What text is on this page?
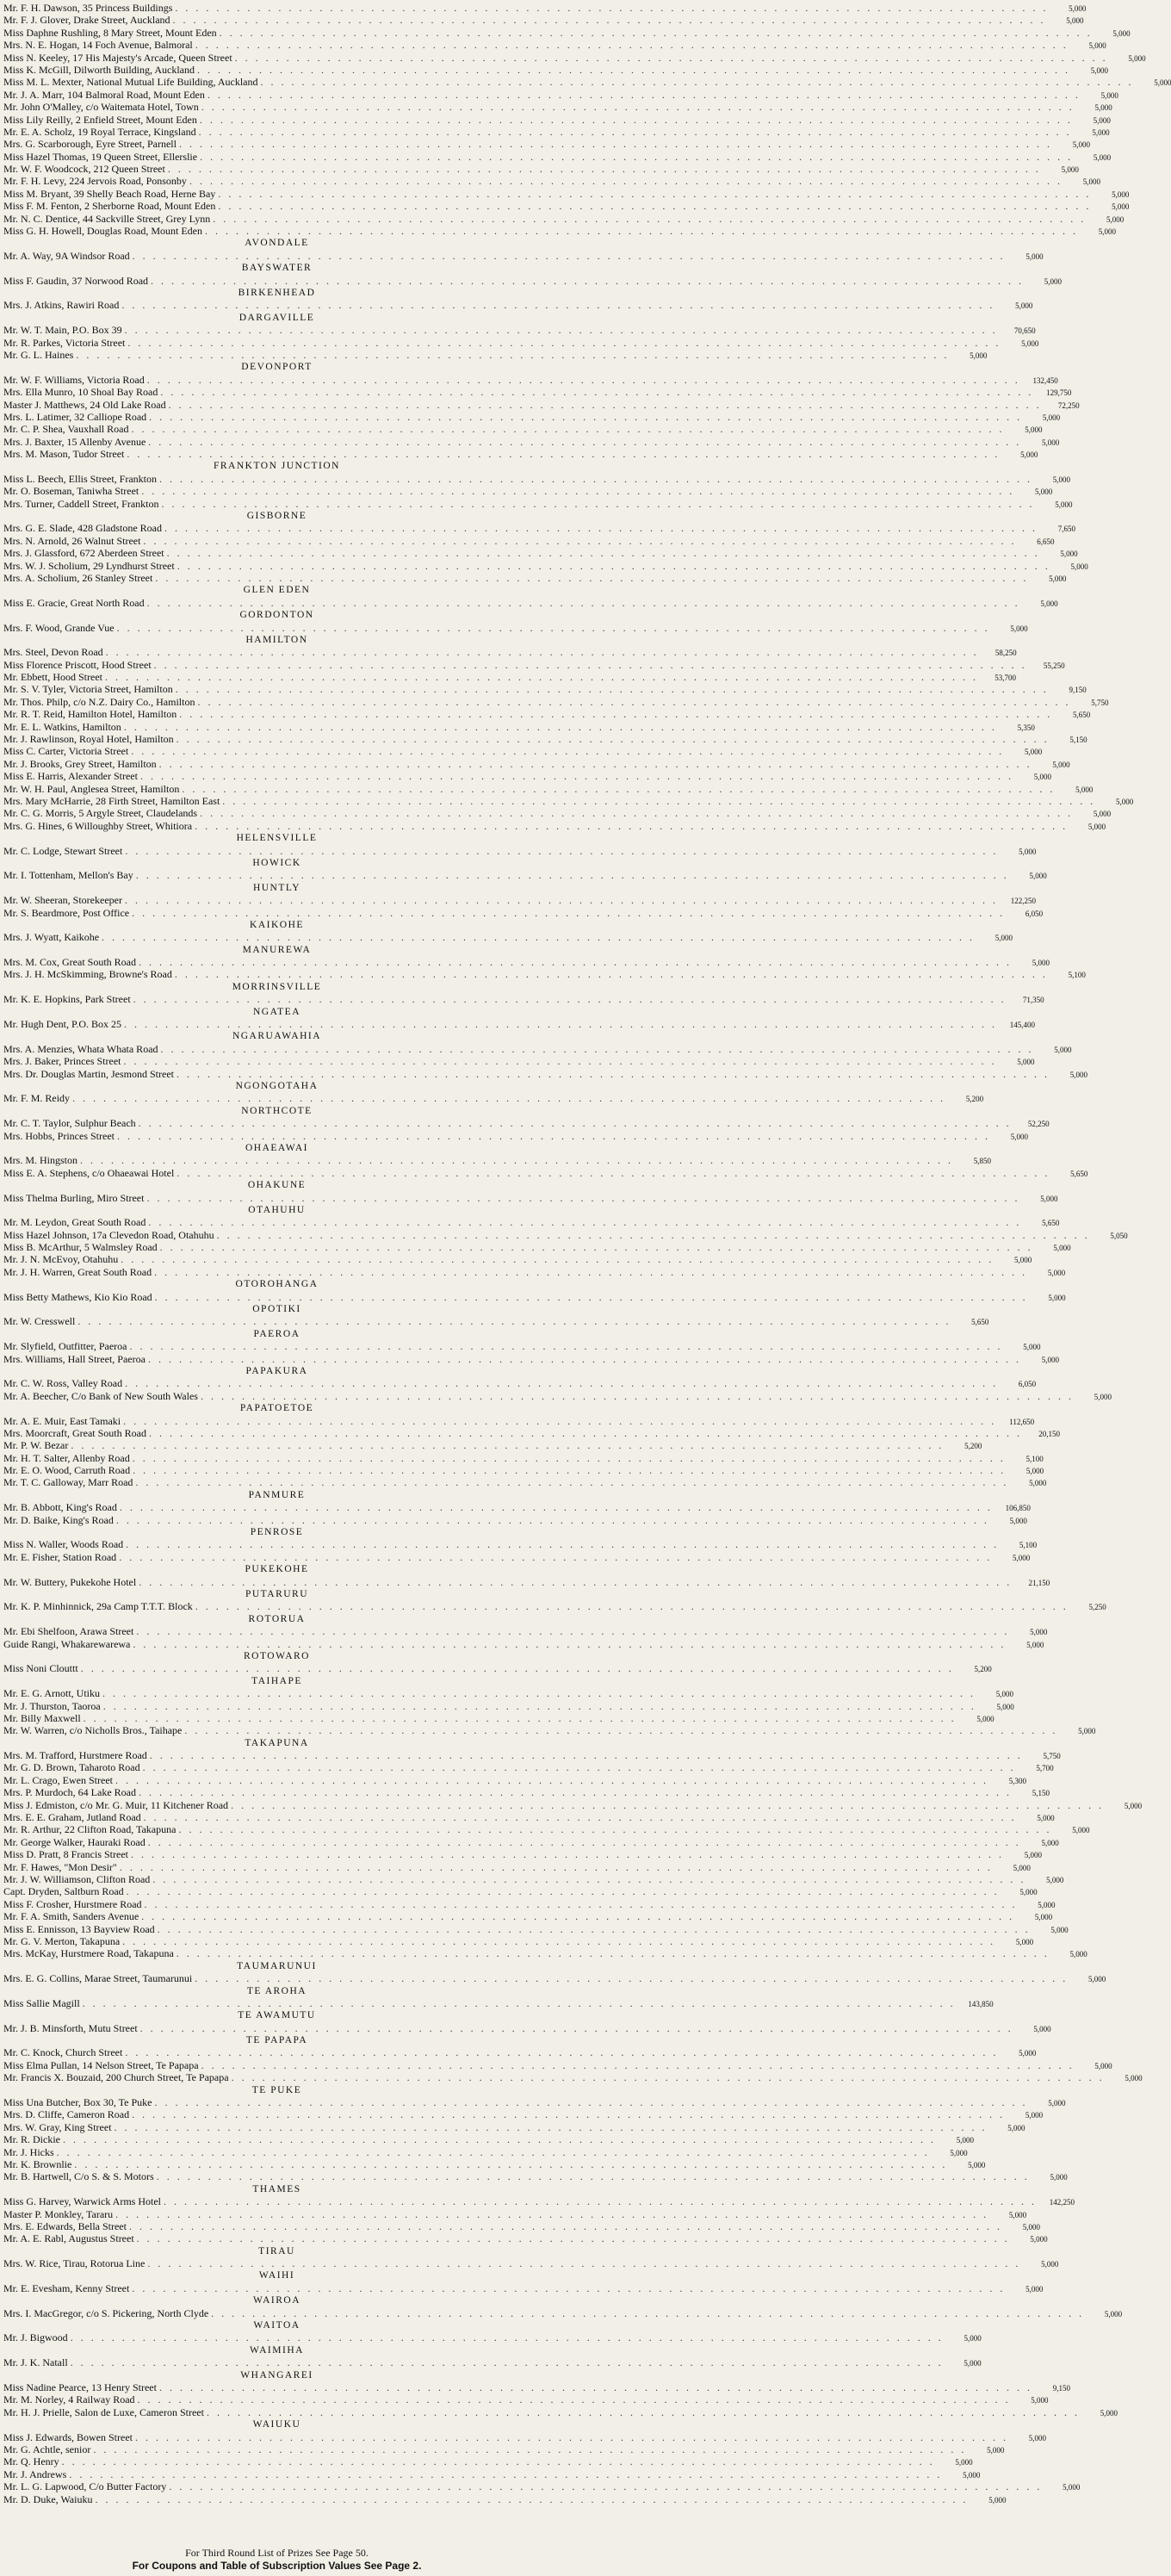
Mr. F. H. Dawson, 35 Princess Buildings . . . . . . . . . . . . . . . . . . . . . . . . . . . . . . . . . . . . . . . . . . . . . . . . . . . . . . . . . . . . . . . . . . . . . . . . . . . . . . . . . . . . .	5,000
Mr. F. J. Glover, Drake Street, Auckland . . . . . . . . . . . . . . . . . . . . . . . . . . . . . . . . . . . . . . . . . . . . . . . . . . . . . . . . . . . . . . . . . . . . . . . . . . . . . . . . . . . . .	5,000
Miss Daphne Rushling, 8 Mary Street, Mount Eden . . . . . . . . . . . . . . . . . . . . . . . . . . . . . . . . . . . . . . . . . . . . . . . . . . . . . . . . . . . . . . . . . . . . . . . . . . . . . . . . . . . . .	5,000
Mrs. N. E. Hogan, 14 Foch Avenue, Balmoral . . . . . . . . . . . . . . . . . . . . . . . . . . . . . . . . . . . . . . . . . . . . . . . . . . . . . . . . . . . . . . . . . . . . . . . . . . . . . . . . . . . . .	5,000
Miss N. Keeley, 17 His Majesty's Arcade, Queen Street . . . . . . . . . . . . . . . . . . . . . . . . . . . . . . . . . . . . . . . . . . . . . . . . . . . . . . . . . . . . . . . . . . . . . . . . . . . . . . . . . . . . .	5,000
Miss K. McGill, Dilworth Building, Auckland . . . . . . . . . . . . . . . . . . . . . . . . . . . . . . . . . . . . . . . . . . . . . . . . . . . . . . . . . . . . . . . . . . . . . . . . . . . . . . . . . . . . .	5,000
Miss M. L. Mexter, National Mutual Life Building, Auckland . . . . . . . . . . . . . . . . . . . . . . . . . . . . . . . . . . . . . . . . . . . . . . . . . . . . . . . . . . . . . . . . . . . . . . . . . . . . . . . . . . . . .	5,000
Mr. J. A. Marr, 104 Balmoral Road, Mount Eden . . . . . . . . . . . . . . . . . . . . . . . . . . . . . . . . . . . . . . . . . . . . . . . . . . . . . . . . . . . . . . . . . . . . . . . . . . . . . . . . . . . . .	5,000
Mr. John O'Malley, c/o Waitemata Hotel, Town . . . . . . . . . . . . . . . . . . . . . . . . . . . . . . . . . . . . . . . . . . . . . . . . . . . . . . . . . . . . . . . . . . . . . . . . . . . . . . . . . . . . .	5,000
Miss Lily Reilly, 2 Enfield Street, Mount Eden . . . . . . . . . . . . . . . . . . . . . . . . . . . . . . . . . . . . . . . . . . . . . . . . . . . . . . . . . . . . . . . . . . . . . . . . . . . . . . . . . . . . .	5,000
Mr. E. A. Scholz, 19 Royal Terrace, Kingsland . . . . . . . . . . . . . . . . . . . . . . . . . . . . . . . . . . . . . . . . . . . . . . . . . . . . . . . . . . . . . . . . . . . . . . . . . . . . . . . . . . . . .	5,000
Mrs. G. Scarborough, Eyre Street, Parnell . . . . . . . . . . . . . . . . . . . . . . . . . . . . . . . . . . . . . . . . . . . . . . . . . . . . . . . . . . . . . . . . . . . . . . . . . . . . . . . . . . . . .	5,000
Miss Hazel Thomas, 19 Queen Street, Ellerslie . . . . . . . . . . . . . . . . . . . . . . . . . . . . . . . . . . . . . . . . . . . . . . . . . . . . . . . . . . . . . . . . . . . . . . . . . . . . . . . . . . . . .	5,000
Mr. W. F. Woodcock, 212 Queen Street . . . . . . . . . . . . . . . . . . . . . . . . . . . . . . . . . . . . . . . . . . . . . . . . . . . . . . . . . . . . . . . . . . . . . . . . . . . . . . . . . . . . .	5,000
Mr. F. H. Levy, 224 Jervois Road, Ponsonby . . . . . . . . . . . . . . . . . . . . . . . . . . . . . . . . . . . . . . . . . . . . . . . . . . . . . . . . . . . . . . . . . . . . . . . . . . . . . . . . . . . . .	5,000
Miss M. Bryant, 39 Shelly Beach Road, Herne Bay . . . . . . . . . . . . . . . . . . . . . . . . . . . . . . . . . . . . . . . . . . . . . . . . . . . . . . . . . . . . . . . . . . . . . . . . . . . . . . . . . . . . .	5,000
Miss F. M. Fenton, 2 Sherborne Road, Mount Eden . . . . . . . . . . . . . . . . . . . . . . . . . . . . . . . . . . . . . . . . . . . . . . . . . . . . . . . . . . . . . . . . . . . . . . . . . . . . . . . . . . . . .	5,000
Mr. N. C. Dentice, 44 Sackville Street, Grey Lynn . . . . . . . . . . . . . . . . . . . . . . . . . . . . . . . . . . . . . . . . . . . . . . . . . . . . . . . . . . . . . . . . . . . . . . . . . . . . . . . . . . . . .	5,000
Miss G. H. Howell, Douglas Road, Mount Eden . . . . . . . . . . . . . . . . . . . . . . . . . . . . . . . . . . . . . . . . . . . . . . . . . . . . . . . . . . . . . . . . . . . . . . . . . . . . . . . . . . . . .	5,000
AVONDALE
Mr. A. Way, 9A Windsor Road . . . . . . . . . . . . . . . . . . . . . . . . . . . . . . . . . . . . . . . . . . . . . . . . . . . . . . . . . . . . . . . . . . . . . . . . . . . . . . . . . . . . .	5,000
BAYSWATER
Miss F. Gaudin, 37 Norwood Road . . . . . . . . . . . . . . . . . . . . . . . . . . . . . . . . . . . . . . . . . . . . . . . . . . . . . . . . . . . . . . . . . . . . . . . . . . . . . . . . . . . . .	5,000
BIRKENHEAD
Mrs. J. Atkins, Rawiri Road . . . . . . . . . . . . . . . . . . . . . . . . . . . . . . . . . . . . . . . . . . . . . . . . . . . . . . . . . . . . . . . . . . . . . . . . . . . . . . . . . . . . .	5,000
DARGAVILLE
Mr. W. T. Main, P.O. Box 39 . . . . . . . . . . . . . . . . . . . . . . . . . . . . . . . . . . . . . . . . . . . . . . . . . . . . . . . . . . . . . . . . . . . . . . . . . . . . . . . . . . . . .	70,650
Mr. R. Parkes, Victoria Street . . . . . . . . . . . . . . . . . . . . . . . . . . . . . . . . . . . . . . . . . . . . . . . . . . . . . . . . . . . . . . . . . . . . . . . . . . . . . . . . . . . . .	5,000
Mr. G. L. Haines . . . . . . . . . . . . . . . . . . . . . . . . . . . . . . . . . . . . . . . . . . . . . . . . . . . . . . . . . . . . . . . . . . . . . . . . . . . . . . . . . . . . .	5,000
DEVONPORT
Mr. W. F. Williams, Victoria Road . . . . . . . . . . . . . . . . . . . . . . . . . . . . . . . . . . . . . . . . . . . . . . . . . . . . . . . . . . . . . . . . . . . . . . . . . . . . . . . . . . . . .	132,450
Mrs. Ella Munro, 10 Shoal Bay Road . . . . . . . . . . . . . . . . . . . . . . . . . . . . . . . . . . . . . . . . . . . . . . . . . . . . . . . . . . . . . . . . . . . . . . . . . . . . . . . . . . . . .	129,750
Master J. Matthews, 24 Old Lake Road . . . . . . . . . . . . . . . . . . . . . . . . . . . . . . . . . . . . . . . . . . . . . . . . . . . . . . . . . . . . . . . . . . . . . . . . . . . . . . . . . . . . .	72,250
Mrs. L. Latimer, 32 Calliope Road . . . . . . . . . . . . . . . . . . . . . . . . . . . . . . . . . . . . . . . . . . . . . . . . . . . . . . . . . . . . . . . . . . . . . . . . . . . . . . . . . . . . .	5,000
Mr. C. P. Shea, Vauxhall Road . . . . . . . . . . . . . . . . . . . . . . . . . . . . . . . . . . . . . . . . . . . . . . . . . . . . . . . . . . . . . . . . . . . . . . . . . . . . . . . . . . . . .	5,000
Mrs. J. Baxter, 15 Allenby Avenue . . . . . . . . . . . . . . . . . . . . . . . . . . . . . . . . . . . . . . . . . . . . . . . . . . . . . . . . . . . . . . . . . . . . . . . . . . . . . . . . . . . . .	5,000
Mrs. M. Mason, Tudor Street . . . . . . . . . . . . . . . . . . . . . . . . . . . . . . . . . . . . . . . . . . . . . . . . . . . . . . . . . . . . . . . . . . . . . . . . . . . . . . . . . . . . .	5,000
FRANKTON JUNCTION
Miss L. Beech, Ellis Street, Frankton . . . . . . . . . . . . . . . . . . . . . . . . . . . . . . . . . . . . . . . . . . . . . . . . . . . . . . . . . . . . . . . . . . . . . . . . . . . . . . . . . . . . .	5,000
Mr. O. Boseman, Taniwha Street . . . . . . . . . . . . . . . . . . . . . . . . . . . . . . . . . . . . . . . . . . . . . . . . . . . . . . . . . . . . . . . . . . . . . . . . . . . . . . . . . . . . .	5,000
Mrs. Turner, Caddell Street, Frankton . . . . . . . . . . . . . . . . . . . . . . . . . . . . . . . . . . . . . . . . . . . . . . . . . . . . . . . . . . . . . . . . . . . . . . . . . . . . . . . . . . . . .	5,000
GISBORNE
Mrs. G. E. Slade, 428 Gladstone Road . . . . . . . . . . . . . . . . . . . . . . . . . . . . . . . . . . . . . . . . . . . . . . . . . . . . . . . . . . . . . . . . . . . . . . . . . . . . . . . . . . . . .	7,650
Mrs. N. Arnold, 26 Walnut Street . . . . . . . . . . . . . . . . . . . . . . . . . . . . . . . . . . . . . . . . . . . . . . . . . . . . . . . . . . . . . . . . . . . . . . . . . . . . . . . . . . . . .	6,650
Mrs. J. Glassford, 672 Aberdeen Street . . . . . . . . . . . . . . . . . . . . . . . . . . . . . . . . . . . . . . . . . . . . . . . . . . . . . . . . . . . . . . . . . . . . . . . . . . . . . . . . . . . . .	5,000
Mrs. W. J. Scholium, 29 Lyndhurst Street . . . . . . . . . . . . . . . . . . . . . . . . . . . . . . . . . . . . . . . . . . . . . . . . . . . . . . . . . . . . . . . . . . . . . . . . . . . . . . . . . . . . .	5,000
Mrs. A. Scholium, 26 Stanley Street . . . . . . . . . . . . . . . . . . . . . . . . . . . . . . . . . . . . . . . . . . . . . . . . . . . . . . . . . . . . . . . . . . . . . . . . . . . . . . . . . . . . .	5,000
GLEN EDEN
Miss E. Gracie, Great North Road . . . . . . . . . . . . . . . . . . . . . . . . . . . . . . . . . . . . . . . . . . . . . . . . . . . . . . . . . . . . . . . . . . . . . . . . . . . . . . . . . . . . .	5,000
GORDONTON
Mrs. F. Wood, Grande Vue . . . . . . . . . . . . . . . . . . . . . . . . . . . . . . . . . . . . . . . . . . . . . . . . . . . . . . . . . . . . . . . . . . . . . . . . . . . . . . . . . . . . .	5,000
HAMILTON
Mrs. Steel, Devon Road . . . . . . . . . . . . . . . . . . . . . . . . . . . . . . . . . . . . . . . . . . . . . . . . . . . . . . . . . . . . . . . . . . . . . . . . . . . . . . . . . . . . .	58,250
Miss Florence Priscott, Hood Street . . . . . . . . . . . . . . . . . . . . . . . . . . . . . . . . . . . . . . . . . . . . . . . . . . . . . . . . . . . . . . . . . . . . . . . . . . . . . . . . . . . . .	55,250
Mr. Ebbett, Hood Street . . . . . . . . . . . . . . . . . . . . . . . . . . . . . . . . . . . . . . . . . . . . . . . . . . . . . . . . . . . . . . . . . . . . . . . . . . . . . . . . . . . . .	53,700
Mr. S. V. Tyler, Victoria Street, Hamilton . . . . . . . . . . . . . . . . . . . . . . . . . . . . . . . . . . . . . . . . . . . . . . . . . . . . . . . . . . . . . . . . . . . . . . . . . . . . . . . . . . . . .	9,150
Mr. Thos. Philp, c/o N.Z. Dairy Co., Hamilton . . . . . . . . . . . . . . . . . . . . . . . . . . . . . . . . . . . . . . . . . . . . . . . . . . . . . . . . . . . . . . . . . . . . . . . . . . . . . . . . . . . . .	5,750
Mr. R. T. Reid, Hamilton Hotel, Hamilton . . . . . . . . . . . . . . . . . . . . . . . . . . . . . . . . . . . . . . . . . . . . . . . . . . . . . . . . . . . . . . . . . . . . . . . . . . . . . . . . . . . . .	5,650
Mr. E. L. Watkins, Hamilton . . . . . . . . . . . . . . . . . . . . . . . . . . . . . . . . . . . . . . . . . . . . . . . . . . . . . . . . . . . . . . . . . . . . . . . . . . . . . . . . . . . . .	5,350
Mr. J. Rawlinson, Royal Hotel, Hamilton . . . . . . . . . . . . . . . . . . . . . . . . . . . . . . . . . . . . . . . . . . . . . . . . . . . . . . . . . . . . . . . . . . . . . . . . . . . . . . . . . . . . .	5,150
Miss C. Carter, Victoria Street . . . . . . . . . . . . . . . . . . . . . . . . . . . . . . . . . . . . . . . . . . . . . . . . . . . . . . . . . . . . . . . . . . . . . . . . . . . . . . . . . . . . .	5,000
Mr. J. Brooks, Grey Street, Hamilton . . . . . . . . . . . . . . . . . . . . . . . . . . . . . . . . . . . . . . . . . . . . . . . . . . . . . . . . . . . . . . . . . . . . . . . . . . . . . . . . . . . . .	5,000
Miss E. Harris, Alexander Street . . . . . . . . . . . . . . . . . . . . . . . . . . . . . . . . . . . . . . . . . . . . . . . . . . . . . . . . . . . . . . . . . . . . . . . . . . . . . . . . . . . . .	5,000
Mr. W. H. Paul, Anglesea Street, Hamilton . . . . . . . . . . . . . . . . . . . . . . . . . . . . . . . . . . . . . . . . . . . . . . . . . . . . . . . . . . . . . . . . . . . . . . . . . . . . . . . . . . . . .	5,000
Mrs. Mary McHarrie, 28 Firth Street, Hamilton East . . . . . . . . . . . . . . . . . . . . . . . . . . . . . . . . . . . . . . . . . . . . . . . . . . . . . . . . . . . . . . . . . . . . . . . . . . . . . . . . . . . . .	5,000
Mr. C. G. Morris, 5 Argyle Street, Claudelands . . . . . . . . . . . . . . . . . . . . . . . . . . . . . . . . . . . . . . . . . . . . . . . . . . . . . . . . . . . . . . . . . . . . . . . . . . . . . . . . . . . . .	5,000
Mrs. G. Hines, 6 Willoughby Street, Whitiora . . . . . . . . . . . . . . . . . . . . . . . . . . . . . . . . . . . . . . . . . . . . . . . . . . . . . . . . . . . . . . . . . . . . . . . . . . . . . . . . . . . . .	5,000
HELENSVILLE
Mr. C. Lodge, Stewart Street . . . . . . . . . . . . . . . . . . . . . . . . . . . . . . . . . . . . . . . . . . . . . . . . . . . . . . . . . . . . . . . . . . . . . . . . . . . . . . . . . . . . .	5,000
HOWICK
Mr. I. Tottenham, Mellon's Bay . . . . . . . . . . . . . . . . . . . . . . . . . . . . . . . . . . . . . . . . . . . . . . . . . . . . . . . . . . . . . . . . . . . . . . . . . . . . . . . . . . . . .	5,000
HUNTLY
Mr. W. Sheeran, Storekeeper . . . . . . . . . . . . . . . . . . . . . . . . . . . . . . . . . . . . . . . . . . . . . . . . . . . . . . . . . . . . . . . . . . . . . . . . . . . . . . . . . . . . .	122,250
Mr. S. Beardmore, Post Office . . . . . . . . . . . . . . . . . . . . . . . . . . . . . . . . . . . . . . . . . . . . . . . . . . . . . . . . . . . . . . . . . . . . . . . . . . . . . . . . . . . . .	6,050
KAIKOHE
Mrs. J. Wyatt, Kaikohe . . . . . . . . . . . . . . . . . . . . . . . . . . . . . . . . . . . . . . . . . . . . . . . . . . . . . . . . . . . . . . . . . . . . . . . . . . . . . . . . . . . . .	5,000
MANUREWA
Mrs. M. Cox, Great South Road . . . . . . . . . . . . . . . . . . . . . . . . . . . . . . . . . . . . . . . . . . . . . . . . . . . . . . . . . . . . . . . . . . . . . . . . . . . . . . . . . . . . .	5,000
Mrs. J. H. McSkimming, Browne's Road . . . . . . . . . . . . . . . . . . . . . . . . . . . . . . . . . . . . . . . . . . . . . . . . . . . . . . . . . . . . . . . . . . . . . . . . . . . . . . . . . . . . .	5,100
MORRINSVILLE
Mr. K. E. Hopkins, Park Street . . . . . . . . . . . . . . . . . . . . . . . . . . . . . . . . . . . . . . . . . . . . . . . . . . . . . . . . . . . . . . . . . . . . . . . . . . . . . . . . . . . . .	71,350
NGATEA
Mr. Hugh Dent, P.O. Box 25 . . . . . . . . . . . . . . . . . . . . . . . . . . . . . . . . . . . . . . . . . . . . . . . . . . . . . . . . . . . . . . . . . . . . . . . . . . . . . . . . . . . . .	145,400
NGARUAWAHIA
Mrs. A. Menzies, Whata Whata Road . . . . . . . . . . . . . . . . . . . . . . . . . . . . . . . . . . . . . . . . . . . . . . . . . . . . . . . . . . . . . . . . . . . . . . . . . . . . . . . . . . . . .	5,000
Mrs. J. Baker, Princes Street . . . . . . . . . . . . . . . . . . . . . . . . . . . . . . . . . . . . . . . . . . . . . . . . . . . . . . . . . . . . . . . . . . . . . . . . . . . . . . . . . . . . .	5,000
Mrs. Dr. Douglas Martin, Jesmond Street . . . . . . . . . . . . . . . . . . . . . . . . . . . . . . . . . . . . . . . . . . . . . . . . . . . . . . . . . . . . . . . . . . . . . . . . . . . . . . . . . . . . .	5,000
NGONGOTAHA
Mr. F. M. Reidy . . . . . . . . . . . . . . . . . . . . . . . . . . . . . . . . . . . . . . . . . . . . . . . . . . . . . . . . . . . . . . . . . . . . . . . . . . . . . . . . . . . . .	5,200
NORTHCOTE
Mr. C. T. Taylor, Sulphur Beach . . . . . . . . . . . . . . . . . . . . . . . . . . . . . . . . . . . . . . . . . . . . . . . . . . . . . . . . . . . . . . . . . . . . . . . . . . . . . . . . . . . . .	52,250
Mrs. Hobbs, Princes Street . . . . . . . . . . . . . . . . . . . . . . . . . . . . . . . . . . . . . . . . . . . . . . . . . . . . . . . . . . . . . . . . . . . . . . . . . . . . . . . . . . . . .	5,000
OHAEAWAI
Mrs. M. Hingston . . . . . . . . . . . . . . . . . . . . . . . . . . . . . . . . . . . . . . . . . . . . . . . . . . . . . . . . . . . . . . . . . . . . . . . . . . . . . . . . . . . . .	5,850
Miss E. A. Stephens, c/o Ohaeawai Hotel . . . . . . . . . . . . . . . . . . . . . . . . . . . . . . . . . . . . . . . . . . . . . . . . . . . . . . . . . . . . . . . . . . . . . . . . . . . . . . . . . . . . .	5,650
OHAKUNE
Miss Thelma Burling, Miro Street . . . . . . . . . . . . . . . . . . . . . . . . . . . . . . . . . . . . . . . . . . . . . . . . . . . . . . . . . . . . . . . . . . . . . . . . . . . . . . . . . . . . .	5,000
OTAHUHU
Mr. M. Leydon, Great South Road . . . . . . . . . . . . . . . . . . . . . . . . . . . . . . . . . . . . . . . . . . . . . . . . . . . . . . . . . . . . . . . . . . . . . . . . . . . . . . . . . . . . .	5,650
Miss Hazel Johnson, 17a Clevedon Road, Otahuhu . . . . . . . . . . . . . . . . . . . . . . . . . . . . . . . . . . . . . . . . . . . . . . . . . . . . . . . . . . . . . . . . . . . . . . . . . . . . . . . . . . . . .	5,050
Miss B. McArthur, 5 Walmsley Road . . . . . . . . . . . . . . . . . . . . . . . . . . . . . . . . . . . . . . . . . . . . . . . . . . . . . . . . . . . . . . . . . . . . . . . . . . . . . . . . . . . . .	5,000
Mr. J. N. McEvoy, Otahuhu . . . . . . . . . . . . . . . . . . . . . . . . . . . . . . . . . . . . . . . . . . . . . . . . . . . . . . . . . . . . . . . . . . . . . . . . . . . . . . . . . . . . .	5,000
Mr. J. H. Warren, Great South Road . . . . . . . . . . . . . . . . . . . . . . . . . . . . . . . . . . . . . . . . . . . . . . . . . . . . . . . . . . . . . . . . . . . . . . . . . . . . . . . . . . . . .	5,000
OTOROHANGA
Miss Betty Mathews, Kio Kio Road . . . . . . . . . . . . . . . . . . . . . . . . . . . . . . . . . . . . . . . . . . . . . . . . . . . . . . . . . . . . . . . . . . . . . . . . . . . . . . . . . . . . .	5,000
OPOTIKI
Mr. W. Cresswell . . . . . . . . . . . . . . . . . . . . . . . . . . . . . . . . . . . . . . . . . . . . . . . . . . . . . . . . . . . . . . . . . . . . . . . . . . . . . . . . . . . . .	5,650
PAEROA
Mr. Slyfield, Outfitter, Paeroa . . . . . . . . . . . . . . . . . . . . . . . . . . . . . . . . . . . . . . . . . . . . . . . . . . . . . . . . . . . . . . . . . . . . . . . . . . . . . . . . . . . . .	5,000
Mrs. Williams, Hall Street, Paeroa . . . . . . . . . . . . . . . . . . . . . . . . . . . . . . . . . . . . . . . . . . . . . . . . . . . . . . . . . . . . . . . . . . . . . . . . . . . . . . . . . . . . .	5,000
PAPAKURA
Mr. C. W. Ross, Valley Road . . . . . . . . . . . . . . . . . . . . . . . . . . . . . . . . . . . . . . . . . . . . . . . . . . . . . . . . . . . . . . . . . . . . . . . . . . . . . . . . . . . . .	6,050
Mr. A. Beecher, C/o Bank of New South Wales . . . . . . . . . . . . . . . . . . . . . . . . . . . . . . . . . . . . . . . . . . . . . . . . . . . . . . . . . . . . . . . . . . . . . . . . . . . . . . . . . . . . .	5,000
PAPATOETOE
Mr. A. E. Muir, East Tamaki . . . . . . . . . . . . . . . . . . . . . . . . . . . . . . . . . . . . . . . . . . . . . . . . . . . . . . . . . . . . . . . . . . . . . . . . . . . . . . . . . . . . .	112,650
Mrs. Moorcraft, Great South Road . . . . . . . . . . . . . . . . . . . . . . . . . . . . . . . . . . . . . . . . . . . . . . . . . . . . . . . . . . . . . . . . . . . . . . . . . . . . . . . . . . . . .	20,150
Mr. P. W. Bezar . . . . . . . . . . . . . . . . . . . . . . . . . . . . . . . . . . . . . . . . . . . . . . . . . . . . . . . . . . . . . . . . . . . . . . . . . . . . . . . . . . . . .	5,200
Mr. H. T. Salter, Allenby Road . . . . . . . . . . . . . . . . . . . . . . . . . . . . . . . . . . . . . . . . . . . . . . . . . . . . . . . . . . . . . . . . . . . . . . . . . . . . . . . . . . . . .	5,100
Mr. E. O. Wood, Carruth Road . . . . . . . . . . . . . . . . . . . . . . . . . . . . . . . . . . . . . . . . . . . . . . . . . . . . . . . . . . . . . . . . . . . . . . . . . . . . . . . . . . . . .	5,000
Mr. T. C. Galloway, Marr Road . . . . . . . . . . . . . . . . . . . . . . . . . . . . . . . . . . . . . . . . . . . . . . . . . . . . . . . . . . . . . . . . . . . . . . . . . . . . . . . . . . . . .	5,000
PANMURE
Mr. B. Abbott, King's Road . . . . . . . . . . . . . . . . . . . . . . . . . . . . . . . . . . . . . . . . . . . . . . . . . . . . . . . . . . . . . . . . . . . . . . . . . . . . . . . . . . . . .	106,850
Mr. D. Baike, King's Road . . . . . . . . . . . . . . . . . . . . . . . . . . . . . . . . . . . . . . . . . . . . . . . . . . . . . . . . . . . . . . . . . . . . . . . . . . . . . . . . . . . . .	5,000
PENROSE
Miss N. Waller, Woods Road . . . . . . . . . . . . . . . . . . . . . . . . . . . . . . . . . . . . . . . . . . . . . . . . . . . . . . . . . . . . . . . . . . . . . . . . . . . . . . . . . . . . .	5,100
Mr. E. Fisher, Station Road . . . . . . . . . . . . . . . . . . . . . . . . . . . . . . . . . . . . . . . . . . . . . . . . . . . . . . . . . . . . . . . . . . . . . . . . . . . . . . . . . . . . .	5,000
PUKEKOHE
Mr. W. Buttery, Pukekohe Hotel . . . . . . . . . . . . . . . . . . . . . . . . . . . . . . . . . . . . . . . . . . . . . . . . . . . . . . . . . . . . . . . . . . . . . . . . . . . . . . . . . . . . .	21,150
PUTARURU
Mr. K. P. Minhinnick, 29a Camp T.T.T. Block . . . . . . . . . . . . . . . . . . . . . . . . . . . . . . . . . . . . . . . . . . . . . . . . . . . . . . . . . . . . . . . . . . . . . . . . . . . . . . . . . . . . .	5,250
ROTORUA
Mr. Ebi Shelfoon, Arawa Street . . . . . . . . . . . . . . . . . . . . . . . . . . . . . . . . . . . . . . . . . . . . . . . . . . . . . . . . . . . . . . . . . . . . . . . . . . . . . . . . . . . . .	5,000
Guide Rangi, Whakarewarewa . . . . . . . . . . . . . . . . . . . . . . . . . . . . . . . . . . . . . . . . . . . . . . . . . . . . . . . . . . . . . . . . . . . . . . . . . . . . . . . . . . . . .	5,000
ROTOWARO
Miss Noni Clouttt . . . . . . . . . . . . . . . . . . . . . . . . . . . . . . . . . . . . . . . . . . . . . . . . . . . . . . . . . . . . . . . . . . . . . . . . . . . . . . . . . . . . .	5,200
TAIHAPE
Mr. E. G. Arnott, Utiku . . . . . . . . . . . . . . . . . . . . . . . . . . . . . . . . . . . . . . . . . . . . . . . . . . . . . . . . . . . . . . . . . . . . . . . . . . . . . . . . . . . . .	5,000
Mr. J. Thurston, Taoroa . . . . . . . . . . . . . . . . . . . . . . . . . . . . . . . . . . . . . . . . . . . . . . . . . . . . . . . . . . . . . . . . . . . . . . . . . . . . . . . . . . . . .	5,000
Mr. Billy Maxwell . . . . . . . . . . . . . . . . . . . . . . . . . . . . . . . . . . . . . . . . . . . . . . . . . . . . . . . . . . . . . . . . . . . . . . . . . . . . . . . . . . . . .	5,000
Mr. W. Warren, c/o Nicholls Bros., Taihape . . . . . . . . . . . . . . . . . . . . . . . . . . . . . . . . . . . . . . . . . . . . . . . . . . . . . . . . . . . . . . . . . . . . . . . . . . . . . . . . . . . . .	5,000
TAKAPUNA
Mrs. M. Trafford, Hurstmere Road . . . . . . . . . . . . . . . . . . . . . . . . . . . . . . . . . . . . . . . . . . . . . . . . . . . . . . . . . . . . . . . . . . . . . . . . . . . . . . . . . . . . .	5,750
Mr. G. D. Brown, Taharoto Road . . . . . . . . . . . . . . . . . . . . . . . . . . . . . . . . . . . . . . . . . . . . . . . . . . . . . . . . . . . . . . . . . . . . . . . . . . . . . . . . . . . . .	5,700
Mr. L. Crago, Ewen Street . . . . . . . . . . . . . . . . . . . . . . . . . . . . . . . . . . . . . . . . . . . . . . . . . . . . . . . . . . . . . . . . . . . . . . . . . . . . . . . . . . . . .	5,300
Mrs. P. Murdoch, 64 Lake Road . . . . . . . . . . . . . . . . . . . . . . . . . . . . . . . . . . . . . . . . . . . . . . . . . . . . . . . . . . . . . . . . . . . . . . . . . . . . . . . . . . . . .	5,150
Miss J. Edmiston, c/o Mr. G. Muir, 11 Kitchener Road . . . . . . . . . . . . . . . . . . . . . . . . . . . . . . . . . . . . . . . . . . . . . . . . . . . . . . . . . . . . . . . . . . . . . . . . . . . . . . . . . . . . .	5,000
Mrs. E. E. Graham, Jutland Road . . . . . . . . . . . . . . . . . . . . . . . . . . . . . . . . . . . . . . . . . . . . . . . . . . . . . . . . . . . . . . . . . . . . . . . . . . . . . . . . . . . . .	5,000
Mr. R. Arthur, 22 Clifton Road, Takapuna . . . . . . . . . . . . . . . . . . . . . . . . . . . . . . . . . . . . . . . . . . . . . . . . . . . . . . . . . . . . . . . . . . . . . . . . . . . . . . . . . . . . .	5,000
Mr. George Walker, Hauraki Road . . . . . . . . . . . . . . . . . . . . . . . . . . . . . . . . . . . . . . . . . . . . . . . . . . . . . . . . . . . . . . . . . . . . . . . . . . . . . . . . . . . . .	5,000
Miss D. Pratt, 8 Francis Street . . . . . . . . . . . . . . . . . . . . . . . . . . . . . . . . . . . . . . . . . . . . . . . . . . . . . . . . . . . . . . . . . . . . . . . . . . . . . . . . . . . . .	5,000
Mr. F. Hawes, "Mon Desir" . . . . . . . . . . . . . . . . . . . . . . . . . . . . . . . . . . . . . . . . . . . . . . . . . . . . . . . . . . . . . . . . . . . . . . . . . . . . . . . . . . . . .	5,000
Mr. J. W. Williamson, Clifton Road . . . . . . . . . . . . . . . . . . . . . . . . . . . . . . . . . . . . . . . . . . . . . . . . . . . . . . . . . . . . . . . . . . . . . . . . . . . . . . . . . . . . .	5,000
Capt. Dryden, Saltburn Road . . . . . . . . . . . . . . . . . . . . . . . . . . . . . . . . . . . . . . . . . . . . . . . . . . . . . . . . . . . . . . . . . . . . . . . . . . . . . . . . . . . . .	5,000
Miss F. Crosher, Hurstmere Road . . . . . . . . . . . . . . . . . . . . . . . . . . . . . . . . . . . . . . . . . . . . . . . . . . . . . . . . . . . . . . . . . . . . . . . . . . . . . . . . . . . . .	5,000
Mr. F. A. Smith, Sanders Avenue . . . . . . . . . . . . . . . . . . . . . . . . . . . . . . . . . . . . . . . . . . . . . . . . . . . . . . . . . . . . . . . . . . . . . . . . . . . . . . . . . . . . .	5,000
Miss E. Ennisson, 13 Bayview Road . . . . . . . . . . . . . . . . . . . . . . . . . . . . . . . . . . . . . . . . . . . . . . . . . . . . . . . . . . . . . . . . . . . . . . . . . . . . . . . . . . . . .	5,000
Mr. G. V. Merton, Takapuna . . . . . . . . . . . . . . . . . . . . . . . . . . . . . . . . . . . . . . . . . . . . . . . . . . . . . . . . . . . . . . . . . . . . . . . . . . . . . . . . . . . . .	5,000
Mrs. McKay, Hurstmere Road, Takapuna . . . . . . . . . . . . . . . . . . . . . . . . . . . . . . . . . . . . . . . . . . . . . . . . . . . . . . . . . . . . . . . . . . . . . . . . . . . . . . . . . . . . .	5,000
TAUMARUNUI
Mrs. E. G. Collins, Marae Street, Taumarunui . . . . . . . . . . . . . . . . . . . . . . . . . . . . . . . . . . . . . . . . . . . . . . . . . . . . . . . . . . . . . . . . . . . . . . . . . . . . . . . . . . . . .	5,000
TE AROHA
Miss Sallie Magill . . . . . . . . . . . . . . . . . . . . . . . . . . . . . . . . . . . . . . . . . . . . . . . . . . . . . . . . . . . . . . . . . . . . . . . . . . . . . . . . . . . . .	143,850
TE AWAMUTU
Mr. J. B. Minsforth, Mutu Street . . . . . . . . . . . . . . . . . . . . . . . . . . . . . . . . . . . . . . . . . . . . . . . . . . . . . . . . . . . . . . . . . . . . . . . . . . . . . . . . . . . . .	5,000
TE PAPAPA
Mr. C. Knock, Church Street . . . . . . . . . . . . . . . . . . . . . . . . . . . . . . . . . . . . . . . . . . . . . . . . . . . . . . . . . . . . . . . . . . . . . . . . . . . . . . . . . . . . .	5,000
Miss Elma Pullan, 14 Nelson Street, Te Papapa . . . . . . . . . . . . . . . . . . . . . . . . . . . . . . . . . . . . . . . . . . . . . . . . . . . . . . . . . . . . . . . . . . . . . . . . . . . . . . . . . . . . .	5,000
Mr. Francis X. Bouzaid, 200 Church Street, Te Papapa . . . . . . . . . . . . . . . . . . . . . . . . . . . . . . . . . . . . . . . . . . . . . . . . . . . . . . . . . . . . . . . . . . . . . . . . . . . . . . . . . . . . .	5,000
TE PUKE
Miss Una Butcher, Box 30, Te Puke . . . . . . . . . . . . . . . . . . . . . . . . . . . . . . . . . . . . . . . . . . . . . . . . . . . . . . . . . . . . . . . . . . . . . . . . . . . . . . . . . . . . .	5,000
Mrs. D. Cliffe, Cameron Road . . . . . . . . . . . . . . . . . . . . . . . . . . . . . . . . . . . . . . . . . . . . . . . . . . . . . . . . . . . . . . . . . . . . . . . . . . . . . . . . . . . . .	5,000
Mrs. W. Gray, King Street . . . . . . . . . . . . . . . . . . . . . . . . . . . . . . . . . . . . . . . . . . . . . . . . . . . . . . . . . . . . . . . . . . . . . . . . . . . . . . . . . . . . .	5,000
Mr. R. Dickie . . . . . . . . . . . . . . . . . . . . . . . . . . . . . . . . . . . . . . . . . . . . . . . . . . . . . . . . . . . . . . . . . . . . . . . . . . . . . . . . . . . . .	5,000
Mr. J. Hicks . . . . . . . . . . . . . . . . . . . . . . . . . . . . . . . . . . . . . . . . . . . . . . . . . . . . . . . . . . . . . . . . . . . . . . . . . . . . . . . . . . . . .	5,000
Mr. K. Brownlie . . . . . . . . . . . . . . . . . . . . . . . . . . . . . . . . . . . . . . . . . . . . . . . . . . . . . . . . . . . . . . . . . . . . . . . . . . . . . . . . . . . . .	5,000
Mr. B. Hartwell, C/o S. & S. Motors . . . . . . . . . . . . . . . . . . . . . . . . . . . . . . . . . . . . . . . . . . . . . . . . . . . . . . . . . . . . . . . . . . . . . . . . . . . . . . . . . . . . .	5,000
THAMES
Miss G. Harvey, Warwick Arms Hotel . . . . . . . . . . . . . . . . . . . . . . . . . . . . . . . . . . . . . . . . . . . . . . . . . . . . . . . . . . . . . . . . . . . . . . . . . . . . . . . . . . . . .	142,250
Master P. Monkley, Tararu . . . . . . . . . . . . . . . . . . . . . . . . . . . . . . . . . . . . . . . . . . . . . . . . . . . . . . . . . . . . . . . . . . . . . . . . . . . . . . . . . . . . .	5,000
Mrs. E. Edwards, Bella Street . . . . . . . . . . . . . . . . . . . . . . . . . . . . . . . . . . . . . . . . . . . . . . . . . . . . . . . . . . . . . . . . . . . . . . . . . . . . . . . . . . . . .	5,000
Mr. A. E. Rabl, Augustus Street . . . . . . . . . . . . . . . . . . . . . . . . . . . . . . . . . . . . . . . . . . . . . . . . . . . . . . . . . . . . . . . . . . . . . . . . . . . . . . . . . . . . .	5,000
TIRAU
Mrs. W. Rice, Tirau, Rotorua Line . . . . . . . . . . . . . . . . . . . . . . . . . . . . . . . . . . . . . . . . . . . . . . . . . . . . . . . . . . . . . . . . . . . . . . . . . . . . . . . . . . . . .	5,000
WAIHI
Mr. E. Evesham, Kenny Street . . . . . . . . . . . . . . . . . . . . . . . . . . . . . . . . . . . . . . . . . . . . . . . . . . . . . . . . . . . . . . . . . . . . . . . . . . . . . . . . . . . . .	5,000
WAIROA
Mrs. I. MacGregor, c/o S. Pickering, North Clyde . . . . . . . . . . . . . . . . . . . . . . . . . . . . . . . . . . . . . . . . . . . . . . . . . . . . . . . . . . . . . . . . . . . . . . . . . . . . . . . . . . . . .	5,000
WAITOA
Mr. J. Bigwood . . . . . . . . . . . . . . . . . . . . . . . . . . . . . . . . . . . . . . . . . . . . . . . . . . . . . . . . . . . . . . . . . . . . . . . . . . . . . . . . . . . . .	5,000
WAIMIHA
Mr. J. K. Natall . . . . . . . . . . . . . . . . . . . . . . . . . . . . . . . . . . . . . . . . . . . . . . . . . . . . . . . . . . . . . . . . . . . . . . . . . . . . . . . . . . . . .	5,000
WHANGAREI
Miss Nadine Pearce, 13 Henry Street . . . . . . . . . . . . . . . . . . . . . . . . . . . . . . . . . . . . . . . . . . . . . . . . . . . . . . . . . . . . . . . . . . . . . . . . . . . . . . . . . . . . .	9,150
Mr. M. Norley, 4 Railway Road . . . . . . . . . . . . . . . . . . . . . . . . . . . . . . . . . . . . . . . . . . . . . . . . . . . . . . . . . . . . . . . . . . . . . . . . . . . . . . . . . . . . .	5,000
Mr. H. J. Prielle, Salon de Luxe, Cameron Street . . . . . . . . . . . . . . . . . . . . . . . . . . . . . . . . . . . . . . . . . . . . . . . . . . . . . . . . . . . . . . . . . . . . . . . . . . . . . . . . . . . . .	5,000
WAIUKU
Miss J. Edwards, Bowen Street . . . . . . . . . . . . . . . . . . . . . . . . . . . . . . . . . . . . . . . . . . . . . . . . . . . . . . . . . . . . . . . . . . . . . . . . . . . . . . . . . . . . .	5,000
Mr. G. Achtle, senior . . . . . . . . . . . . . . . . . . . . . . . . . . . . . . . . . . . . . . . . . . . . . . . . . . . . . . . . . . . . . . . . . . . . . . . . . . . . . . . . . . . . .	5,000
Mr. Q. Henry . . . . . . . . . . . . . . . . . . . . . . . . . . . . . . . . . . . . . . . . . . . . . . . . . . . . . . . . . . . . . . . . . . . . . . . . . . . . . . . . . . . . .	5,000
Mr. J. Andrews . . . . . . . . . . . . . . . . . . . . . . . . . . . . . . . . . . . . . . . . . . . . . . . . . . . . . . . . . . . . . . . . . . . . . . . . . . . . . . . . . . . . .	5,000
Mr. L. G. Lapwood, C/o Butter Factory . . . . . . . . . . . . . . . . . . . . . . . . . . . . . . . . . . . . . . . . . . . . . . . . . . . . . . . . . . . . . . . . . . . . . . . . . . . . . . . . . . . . .	5,000
Mr. D. Duke, Waiuku . . . . . . . . . . . . . . . . . . . . . . . . . . . . . . . . . . . . . . . . . . . . . . . . . . . . . . . . . . . . . . . . . . . . . . . . . . . . . . . . . . . . .	5,000
For Third Round List of Prizes See Page 50.
For Coupons and Table of Subscription Values See Page 2.
